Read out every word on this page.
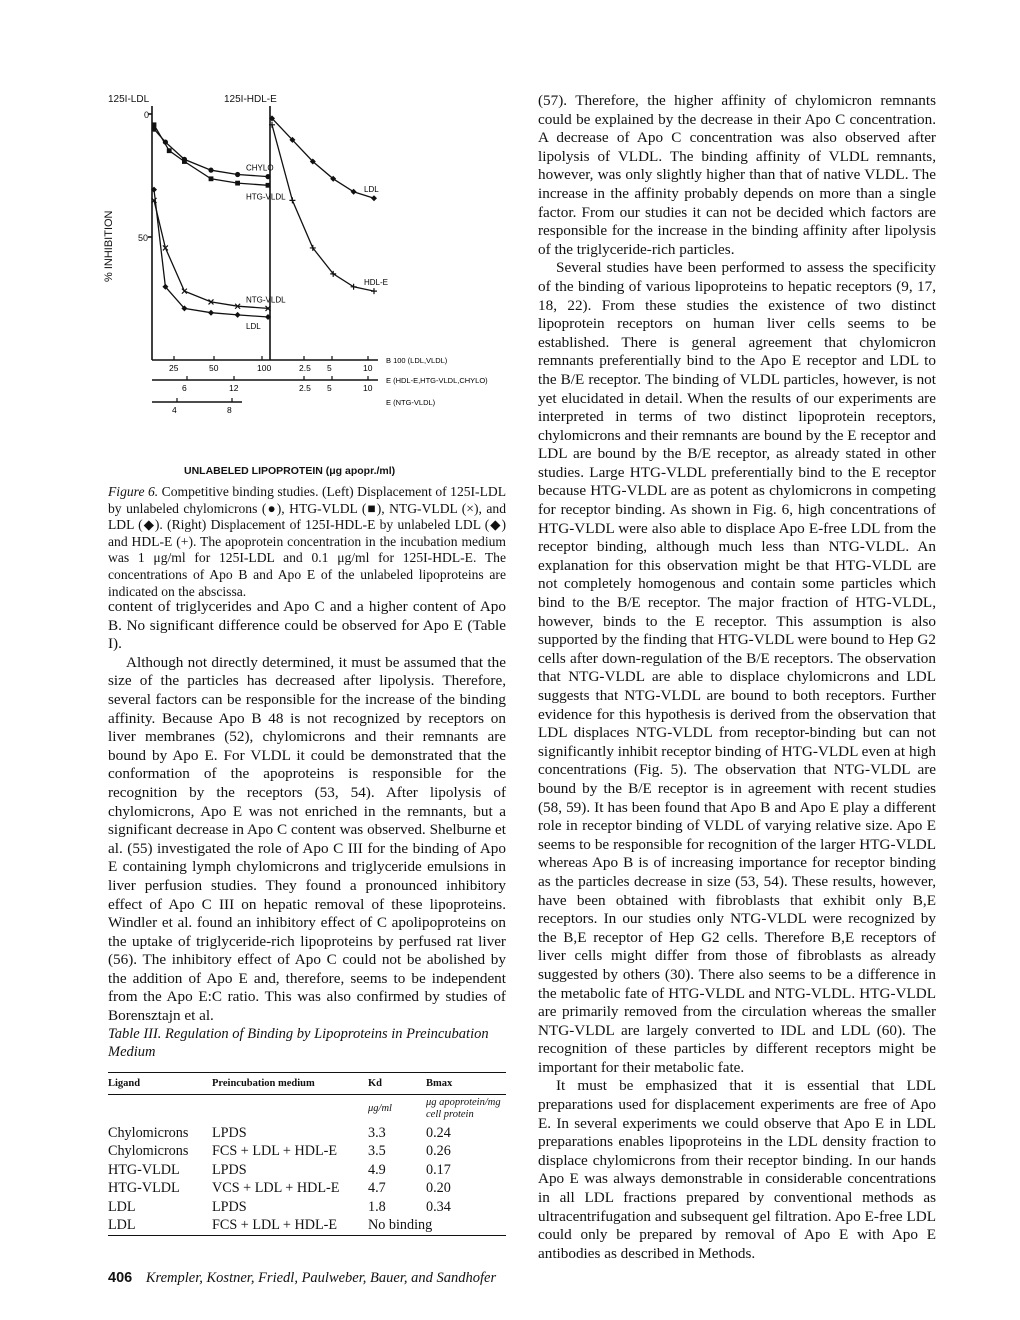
CHYLO
HTG-VLDL
NTG-VLDL
LDL
LDL
HDL-E
25	50	100	2.5 5	10
B 100 (LDL,VLDL)
6	12	2.5 5	10
E (HDL-E,HTG-VLDL,CHYLO)
4	8
E (NTG-VLDL)
125I-LDL	125I-HDL-E
0
50
% INHIBITION
UNLABELED LIPOPROTEIN (μg apopr./ml)
Figure 6. Competitive binding studies. (Left) Displacement of 125I-LDL by unlabeled chylomicrons (●), HTG-VLDL (■), NTG-VLDL (×), and LDL (◆). (Right) Displacement of 125I-HDL-E by unlabeled LDL (◆) and HDL-E (+). The apoprotein concentration in the incubation medium was 1 μg/ml for 125I-LDL and 0.1 μg/ml for 125I-HDL-E. The concentrations of Apo B and Apo E of the unlabeled lipoproteins are indicated on the abscissa.

content of triglycerides and Apo C and a higher content of Apo B. No significant difference could be observed for Apo E (Table I).

Although not directly determined, it must be assumed that the size of the particles has decreased after lipolysis. Therefore, several factors can be responsible for the increase of the binding affinity. Because Apo B 48 is not recognized by receptors on liver membranes (52), chylomicrons and their remnants are bound by Apo E. For VLDL it could be demonstrated that the conformation of the apoproteins is responsible for the recognition by the receptors (53, 54). After lipolysis of chylomicrons, Apo E was not enriched in the remnants, but a significant decrease in Apo C content was observed. Shelburne et al. (55) investigated the role of Apo C III for the binding of Apo E containing lymph chylomicrons and triglyceride emulsions in liver perfusion studies. They found a pronounced inhibitory effect of Apo C III on hepatic removal of these lipoproteins. Windler et al. found an inhibitory effect of C apolipoproteins on the uptake of triglyceride-rich lipoproteins by perfused rat liver (56). The inhibitory effect of Apo C could not be abolished by the addition of Apo E and, therefore, seems to be independent from the Apo E:C ratio. This was also confirmed by studies of Borensztajn et al.

Table III. Regulation of Binding by Lipoproteins in Preincubation Medium
Ligand	Preincubation medium	Kd	Bmax
		μg/ml	μg apoprotein/mg cell protein
Chylomicrons	LPDS	3.3	0.24
Chylomicrons	FCS + LDL + HDL-E	3.5	0.26
HTG-VLDL	LPDS	4.9	0.17
HTG-VLDL	VCS + LDL + HDL-E	4.7	0.20
LDL	LPDS	1.8	0.34
LDL	FCS + LDL + HDL-E	No binding	

(57). Therefore, the higher affinity of chylomicron remnants could be explained by the decrease in their Apo C concentration. A decrease of Apo C concentration was also observed after lipolysis of VLDL. The binding affinity of VLDL remnants, however, was only slightly higher than that of native VLDL. The increase in the affinity probably depends on more than a single factor. From our studies it can not be decided which factors are responsible for the increase in the binding affinity after lipolysis of the triglyceride-rich particles.

Several studies have been performed to assess the specificity of the binding of various lipoproteins to hepatic receptors (9, 17, 18, 22). From these studies the existence of two distinct lipoprotein receptors on human liver cells seems to be established. There is general agreement that chylomicron remnants preferentially bind to the Apo E receptor and LDL to the B/E receptor. The binding of VLDL particles, however, is not yet elucidated in detail. When the results of our experiments are interpreted in terms of two distinct lipoprotein receptors, chylomicrons and their remnants are bound by the E receptor and LDL are bound by the B/E receptor, as already stated in other studies. Large HTG-VLDL preferentially bind to the E receptor because HTG-VLDL are as potent as chylomicrons in competing for receptor binding. As shown in Fig. 6, high concentrations of HTG-VLDL were also able to displace Apo E-free LDL from the receptor binding, although much less than NTG-VLDL. An explanation for this observation might be that HTG-VLDL are not completely homogenous and contain some particles which bind to the B/E receptor. The major fraction of HTG-VLDL, however, binds to the E receptor. This assumption is also supported by the finding that HTG-VLDL were bound to Hep G2 cells after down-regulation of the B/E receptors. The observation that NTG-VLDL are able to displace chylomicrons and LDL suggests that NTG-VLDL are bound to both receptors. Further evidence for this hypothesis is derived from the observation that LDL displaces NTG-VLDL from receptor-binding but can not significantly inhibit receptor binding of HTG-VLDL even at high concentrations (Fig. 5). The observation that NTG-VLDL are bound by the B/E receptor is in agreement with recent studies (58, 59). It has been found that Apo B and Apo E play a different role in receptor binding of VLDL of varying relative size. Apo E seems to be responsible for recognition of the larger HTG-VLDL whereas Apo B is of increasing importance for receptor binding as the particles decrease in size (53, 54). These results, however, have been obtained with fibroblasts that exhibit only B,E receptors. In our studies only NTG-VLDL were recognized by the B,E receptor of Hep G2 cells. Therefore B,E receptors of liver cells might differ from those of fibroblasts as already suggested by others (30). There also seems to be a difference in the metabolic fate of HTG-VLDL and NTG-VLDL. HTG-VLDL are primarily removed from the circulation whereas the smaller NTG-VLDL are largely converted to IDL and LDL (60). The recognition of these particles by different receptors might be important for their metabolic fate.

It must be emphasized that it is essential that LDL preparations used for displacement experiments are free of Apo E. In several experiments we could observe that Apo E in LDL preparations enables lipoproteins in the LDL density fraction to displace chylomicrons from their receptor binding. In our hands Apo E was always demonstrable in considerable concentrations in all LDL fractions prepared by conventional methods as ultracentrifugation and subsequent gel filtration. Apo E-free LDL could only be prepared by removal of Apo E with Apo E antibodies as described in Methods.

406 Krempler, Kostner, Friedl, Paulweber, Bauer, and Sandhofer
